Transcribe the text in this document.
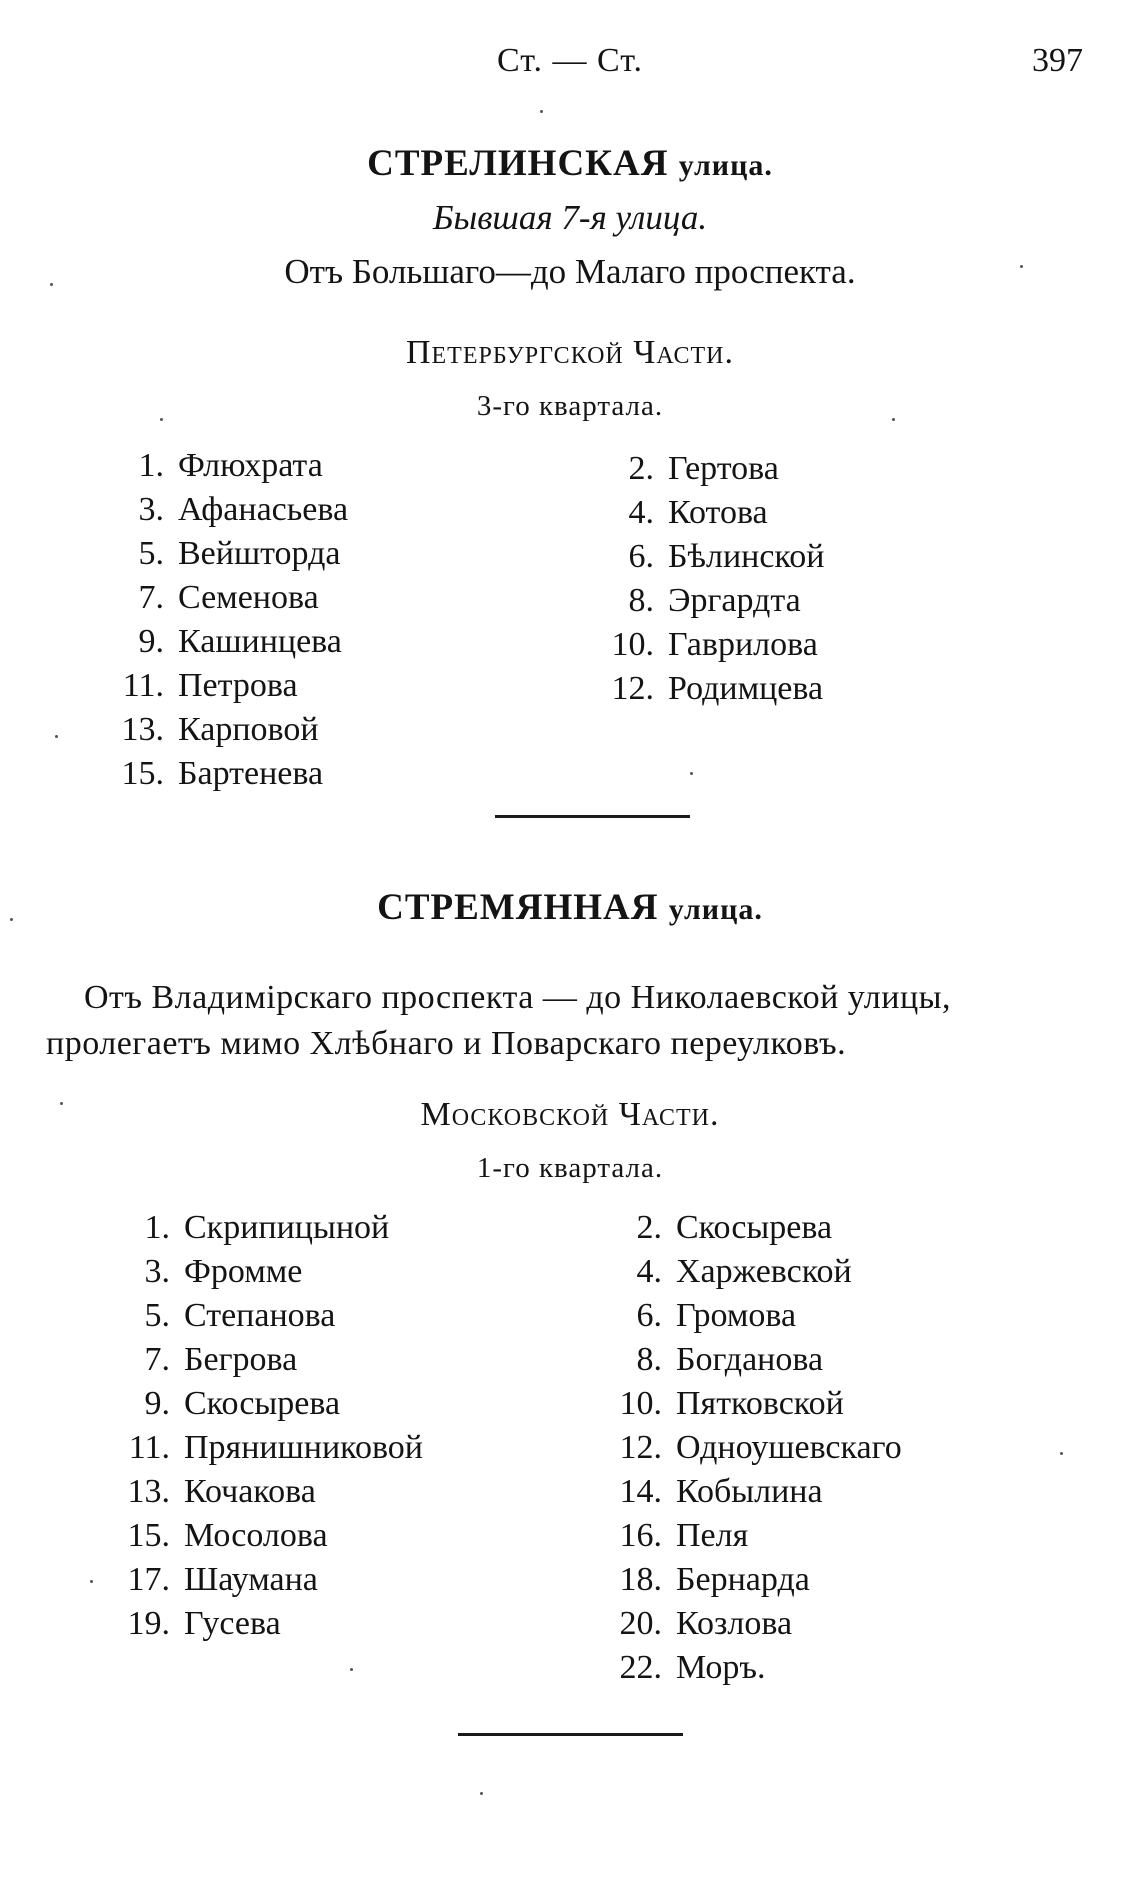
Ст. — Ст.	397
СТРЕЛИНСКАЯ улица.
Бывшая 7-я улица.
Отъ Большаго—до Малаго проспекта.
Петербургской Части.
3-го квартала.
1. Флюхрата
3. Афанасьева
5. Вейшторда
7. Семенова
9. Кашинцева
11. Петрова
13. Карповой
15. Бартенева
2. Гертова
4. Котова
6. Бѣлинской
8. Эргардта
10. Гаврилова
12. Родимцева
СТРЕМЯННАЯ улица.
Отъ Владимірскаго проспекта — до Николаевской улицы,
пролегаетъ мимо Хлѣбнаго и Поварскаго переулковъ.
Московской Части.
1-го квартала.
1. Скрипицыной
3. Фромме
5. Степанова
7. Бегрова
9. Скосырева
11. Прянишниковой
13. Кочакова
15. Мосолова
17. Шаумана
19. Гусева
2. Скосырева
4. Харжевской
6. Громова
8. Богданова
10. Пятковской
12. Одноушевскаго
14. Кобылина
16. Пеля
18. Бернарда
20. Козлова
22. Моръ.
